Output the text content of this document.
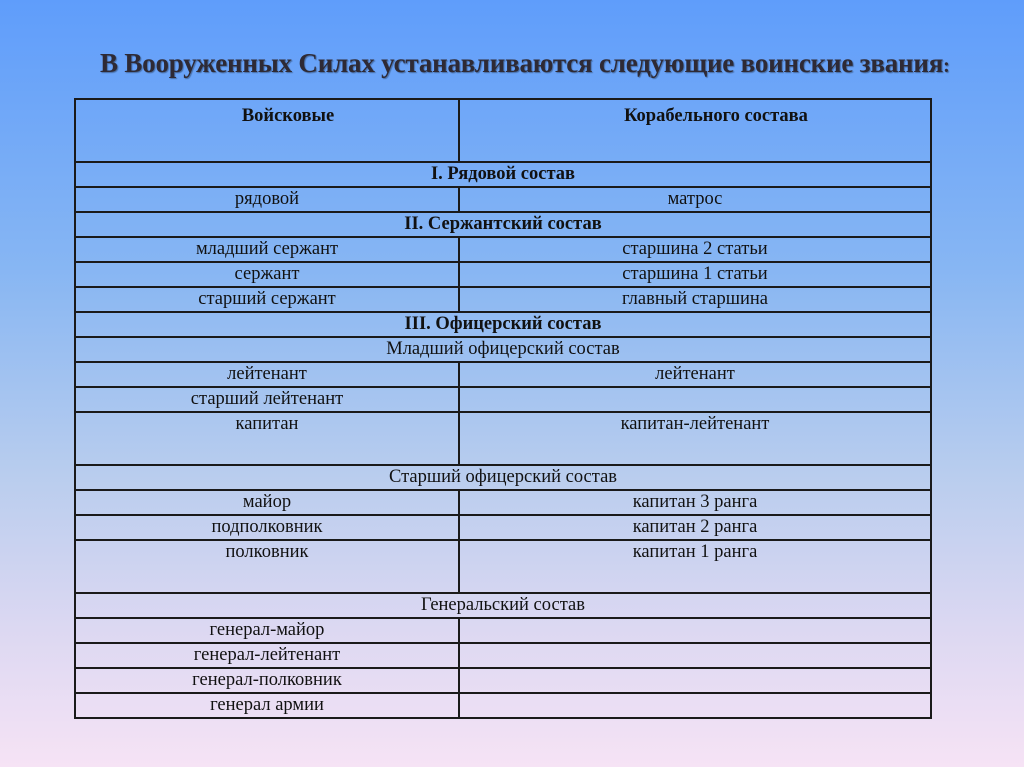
В Вооруженных Силах устанавливаются следующие воинские звания:
Войсковые	Корабельного состава
I. Рядовой состав	
рядовой	матрос
II. Сержантский состав	
младший сержант	старшина 2 статьи
сержант	старшина 1 статьи
старший сержант	главный старшина
III. Офицерский состав	
Младший офицерский состав	
лейтенант	лейтенант
старший лейтенант	
капитан	капитан-лейтенант
Старший офицерский состав	
майор	капитан 3 ранга
подполковник	капитан 2 ранга
полковник	капитан 1 ранга
Генеральский состав	
генерал-майор	
генерал-лейтенант	
генерал-полковник	
генерал армии	
